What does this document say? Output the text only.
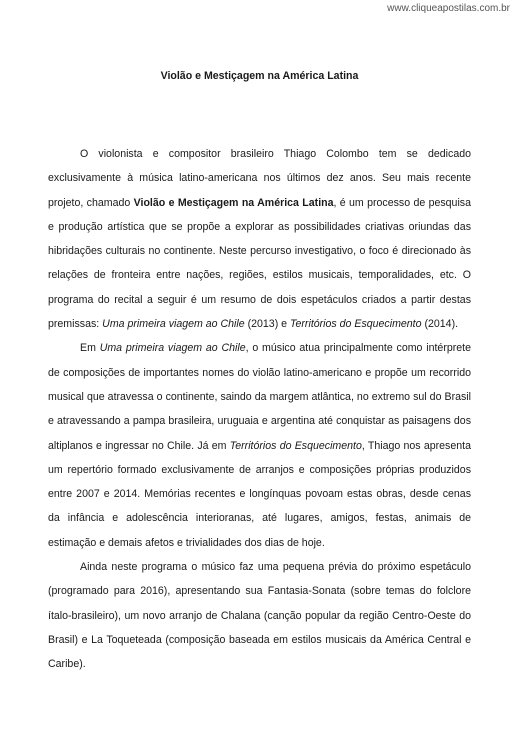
www.cliqueapostilas.com.br
Violão e Mestiçagem na América Latina

O violonista e compositor brasileiro Thiago Colombo tem se dedicado exclusivamente à música latino-americana nos últimos dez anos. Seu mais recente projeto, chamado Violão e Mestiçagem na América Latina, é um processo de pesquisa e produção artística que se propõe a explorar as possibilidades criativas oriundas das hibridações culturais no continente. Neste percurso investigativo, o foco é direcionado às relações de fronteira entre nações, regiões, estilos musicais, temporalidades, etc. O programa do recital a seguir é um resumo de dois espetáculos criados a partir destas premissas: Uma primeira viagem ao Chile (2013) e Territórios do Esquecimento (2014).

Em Uma primeira viagem ao Chile, o músico atua principalmente como intérprete de composições de importantes nomes do violão latino-americano e propõe um recorrido musical que atravessa o continente, saindo da margem atlântica, no extremo sul do Brasil e atravessando a pampa brasileira, uruguaia e argentina até conquistar as paisagens dos altiplanos e ingressar no Chile. Já em Territórios do Esquecimento, Thiago nos apresenta um repertório formado exclusivamente de arranjos e composições próprias produzidos entre 2007 e 2014. Memórias recentes e longínquas povoam estas obras, desde cenas da infância e adolescência interioranas, até lugares, amigos, festas, animais de estimação e demais afetos e trivialidades dos dias de hoje.

Ainda neste programa o músico faz uma pequena prévia do próximo espetáculo (programado para 2016), apresentando sua Fantasia-Sonata (sobre temas do folclore ítalo-brasileiro), um novo arranjo de Chalana (canção popular da região Centro-Oeste do Brasil) e La Toqueteada (composição baseada em estilos musicais da América Central e Caribe).
